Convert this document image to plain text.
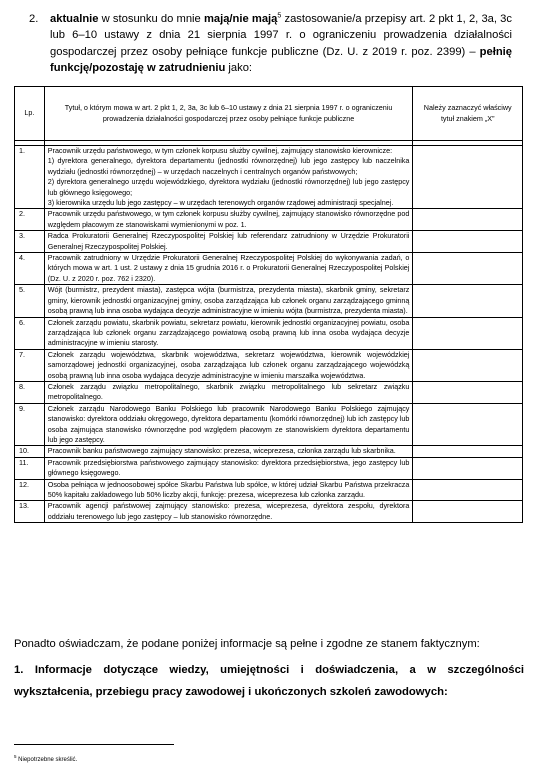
2.	aktualnie w stosunku do mnie mają/nie mają$^5$ zastosowanie/a przepisy art. 2 pkt 1, 2, 3a, 3c lub 6–10 ustawy z dnia 21 sierpnia 1997 r. o ograniczeniu prowadzenia działalności gospodarczej przez osoby pełniące funkcje publiczne (Dz. U. z 2019 r. poz. 2399) – pełnię funkcję/pozostaję w zatrudnieniu jako:

Lp.	Tytuł, o którym mowa w art. 2 pkt 1, 2, 3a, 3c lub 6–10 ustawy z dnia 21 sierpnia 1997 r. o ograniczeniu prowadzenia działalności gospodarczej przez osoby pełniące funkcje publiczne	Należy zaznaczyć właściwy tytuł znakiem „X”

1.	Pracownik urzędu państwowego, w tym członek korpusu służby cywilnej, zajmujący stanowisko kierownicze:
1) dyrektora generalnego, dyrektora departamentu (jednostki równorzędnej) lub jego zastępcy lub naczelnika wydziału (jednostki równorzędnej) – w urzędach naczelnych i centralnych organów państwowych;
2) dyrektora generalnego urzędu wojewódzkiego, dyrektora wydziału (jednostki równorzędnej) lub jego zastępcy lub głównego księgowego;
3) kierownika urzędu lub jego zastępcy – w urzędach terenowych organów rządowej administracji specjalnej.	

2.	Pracownik urzędu państwowego, w tym członek korpusu służby cywilnej, zajmujący stanowisko równorzędne pod względem płacowym ze stanowiskami wymienionymi w poz. 1.	
3.	Radca Prokuratorii Generalnej Rzeczypospolitej Polskiej lub referendarz zatrudniony w Urzędzie Prokuratorii Generalnej Rzeczypospolitej Polskiej.	
4.	Pracownik zatrudniony w Urzędzie Prokuratorii Generalnej Rzeczypospolitej Polskiej do wykonywania zadań, o których mowa w art. 1 ust. 2 ustawy z dnia 15 grudnia 2016 r. o Prokuratorii Generalnej Rzeczypospolitej Polskiej (Dz. U. z 2020 r. poz. 762 i 2320).	
5.	Wójt (burmistrz, prezydent miasta), zastępca wójta (burmistrza, prezydenta miasta), skarbnik gminy, sekretarz gminy, kierownik jednostki organizacyjnej gminy, osoba zarządzająca lub członek organu zarządzającego gminną osobą prawną lub inna osoba wydająca decyzje administracyjne w imieniu wójta (burmistrza, prezydenta miasta).	
6.	Członek zarządu powiatu, skarbnik powiatu, sekretarz powiatu, kierownik jednostki organizacyjnej powiatu, osoba zarządzająca lub członek organu zarządzającego powiatową osobą prawną lub inna osoba wydająca decyzje administracyjne w imieniu starosty.	
7.	Członek zarządu województwa, skarbnik województwa, sekretarz województwa, kierownik wojewódzkiej samorządowej jednostki organizacyjnej, osoba zarządzająca lub członek organu zarządzającego wojewódzką osobą prawną lub inna osoba wydająca decyzje administracyjne w imieniu marszałka województwa.	
8.	Członek zarządu związku metropolitalnego, skarbnik związku metropolitalnego lub sekretarz związku metropolitalnego.	
9.	Członek zarządu Narodowego Banku Polskiego lub pracownik Narodowego Banku Polskiego zajmujący stanowisko: dyrektora oddziału okręgowego, dyrektora departamentu (komórki równorzędnej) lub ich zastępcy lub osoba zajmująca stanowisko równorzędne pod względem płacowym ze stanowiskiem dyrektora departamentu lub jego zastępcy.	
10.	Pracownik banku państwowego zajmujący stanowisko: prezesa, wiceprezesa, członka zarządu lub skarbnika.	
11.	Pracownik przedsiębiorstwa państwowego zajmujący stanowisko: dyrektora przedsiębiorstwa, jego zastępcy lub głównego księgowego.	
12.	Osoba pełniąca w jednoosobowej spółce Skarbu Państwa lub spółce, w której udział Skarbu Państwa przekracza 50% kapitału zakładowego lub 50% liczby akcji, funkcję: prezesa, wiceprezesa lub członka zarządu.	
13.	Pracownik agencji państwowej zajmujący stanowisko: prezesa, wiceprezesa, dyrektora zespołu, dyrektora oddziału terenowego lub jego zastępcy – lub stanowisko równorzędne.	

Ponadto oświadczam, że podane poniżej informacje są pełne i zgodne ze stanem faktycznym:

1. Informacje dotyczące wiedzy, umiejętności i doświadczenia, a w szczególności wykształcenia, przebiegu pracy zawodowej i ukończonych szkoleń zawodowych:

$^5$ Niepotrzebne skreślić.
